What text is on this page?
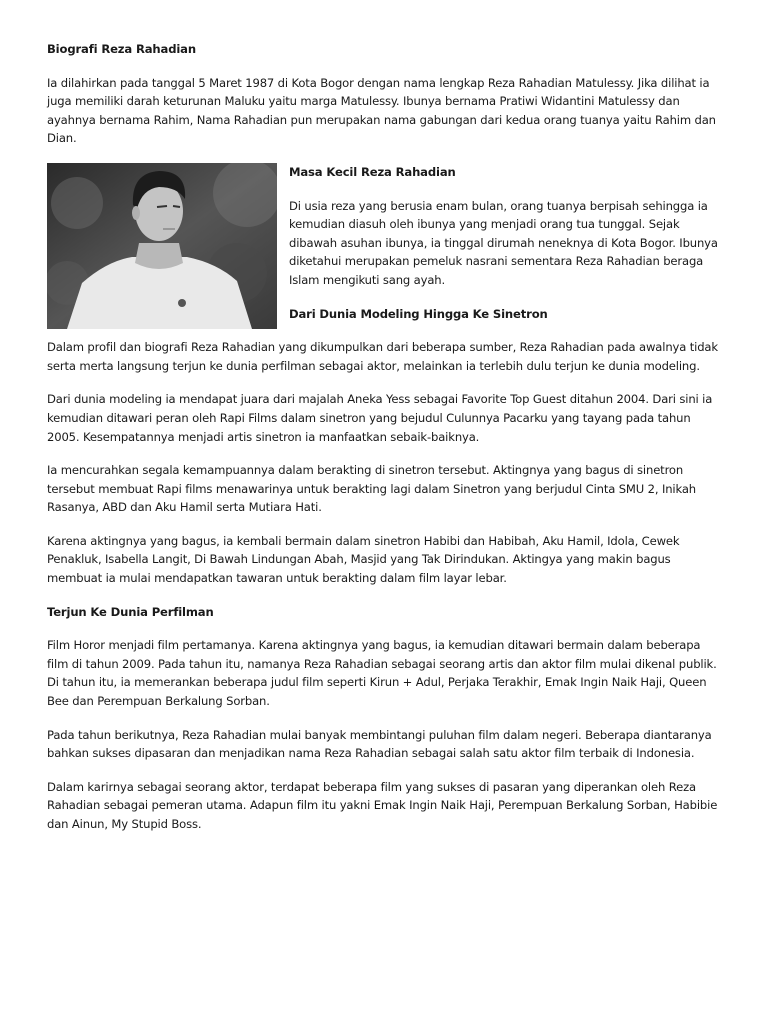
Biografi Reza Rahadian

Ia dilahirkan pada tanggal 5 Maret 1987 di Kota Bogor dengan nama lengkap Reza Rahadian Matulessy. Jika dilihat ia juga memiliki darah keturunan Maluku yaitu marga Matulessy. Ibunya bernama Pratiwi Widantini Matulessy dan ayahnya bernama Rahim, Nama Rahadian pun merupakan nama gabungan dari kedua orang tuanya yaitu Rahim dan Dian.

Masa Kecil Reza Rahadian

Di usia reza yang berusia enam bulan, orang tuanya berpisah sehingga ia kemudian diasuh oleh ibunya yang menjadi orang tua tunggal. Sejak dibawah asuhan ibunya, ia tinggal dirumah neneknya di Kota Bogor. Ibunya diketahui merupakan pemeluk nasrani sementara Reza Rahadian beraga Islam mengikuti sang ayah.

Dari Dunia Modeling Hingga Ke Sinetron

Dalam profil dan biografi Reza Rahadian yang dikumpulkan dari beberapa sumber, Reza Rahadian pada awalnya tidak serta merta langsung terjun ke dunia perfilman sebagai aktor, melainkan ia terlebih dulu terjun ke dunia modeling.

Dari dunia modeling ia mendapat juara dari majalah Aneka Yess sebagai Favorite Top Guest ditahun 2004. Dari sini ia kemudian ditawari peran oleh Rapi Films dalam sinetron yang bejudul Culunnya Pacarku yang tayang pada tahun 2005. Kesempatannya menjadi artis sinetron ia manfaatkan sebaik-baiknya.

Ia mencurahkan segala kemampuannya dalam berakting di sinetron tersebut. Aktingnya yang bagus di sinetron tersebut membuat Rapi films menawarinya untuk berakting lagi dalam Sinetron yang berjudul Cinta SMU 2, Inikah Rasanya, ABD dan Aku Hamil serta Mutiara Hati.

Karena aktingnya yang bagus, ia kembali bermain dalam sinetron Habibi dan Habibah, Aku Hamil, Idola, Cewek Penakluk, Isabella Langit, Di Bawah Lindungan Abah, Masjid yang Tak Dirindukan. Aktingya yang makin bagus membuat ia mulai mendapatkan tawaran untuk berakting dalam film layar lebar.

Terjun Ke Dunia Perfilman

Film Horor menjadi film pertamanya. Karena aktingnya yang bagus, ia kemudian ditawari bermain dalam beberapa film di tahun 2009. Pada tahun itu, namanya Reza Rahadian sebagai seorang artis dan aktor film mulai dikenal publik. Di tahun itu, ia memerankan beberapa judul film seperti Kirun + Adul, Perjaka Terakhir, Emak Ingin Naik Haji, Queen Bee dan Perempuan Berkalung Sorban.

Pada tahun berikutnya, Reza Rahadian mulai banyak membintangi puluhan film dalam negeri. Beberapa diantaranya bahkan sukses dipasaran dan menjadikan nama Reza Rahadian sebagai salah satu aktor film terbaik di Indonesia.

Dalam karirnya sebagai seorang aktor, terdapat beberapa film yang sukses di pasaran yang diperankan oleh Reza Rahadian sebagai pemeran utama. Adapun film itu yakni Emak Ingin Naik Haji, Perempuan Berkalung Sorban, Habibie dan Ainun, My Stupid Boss.
